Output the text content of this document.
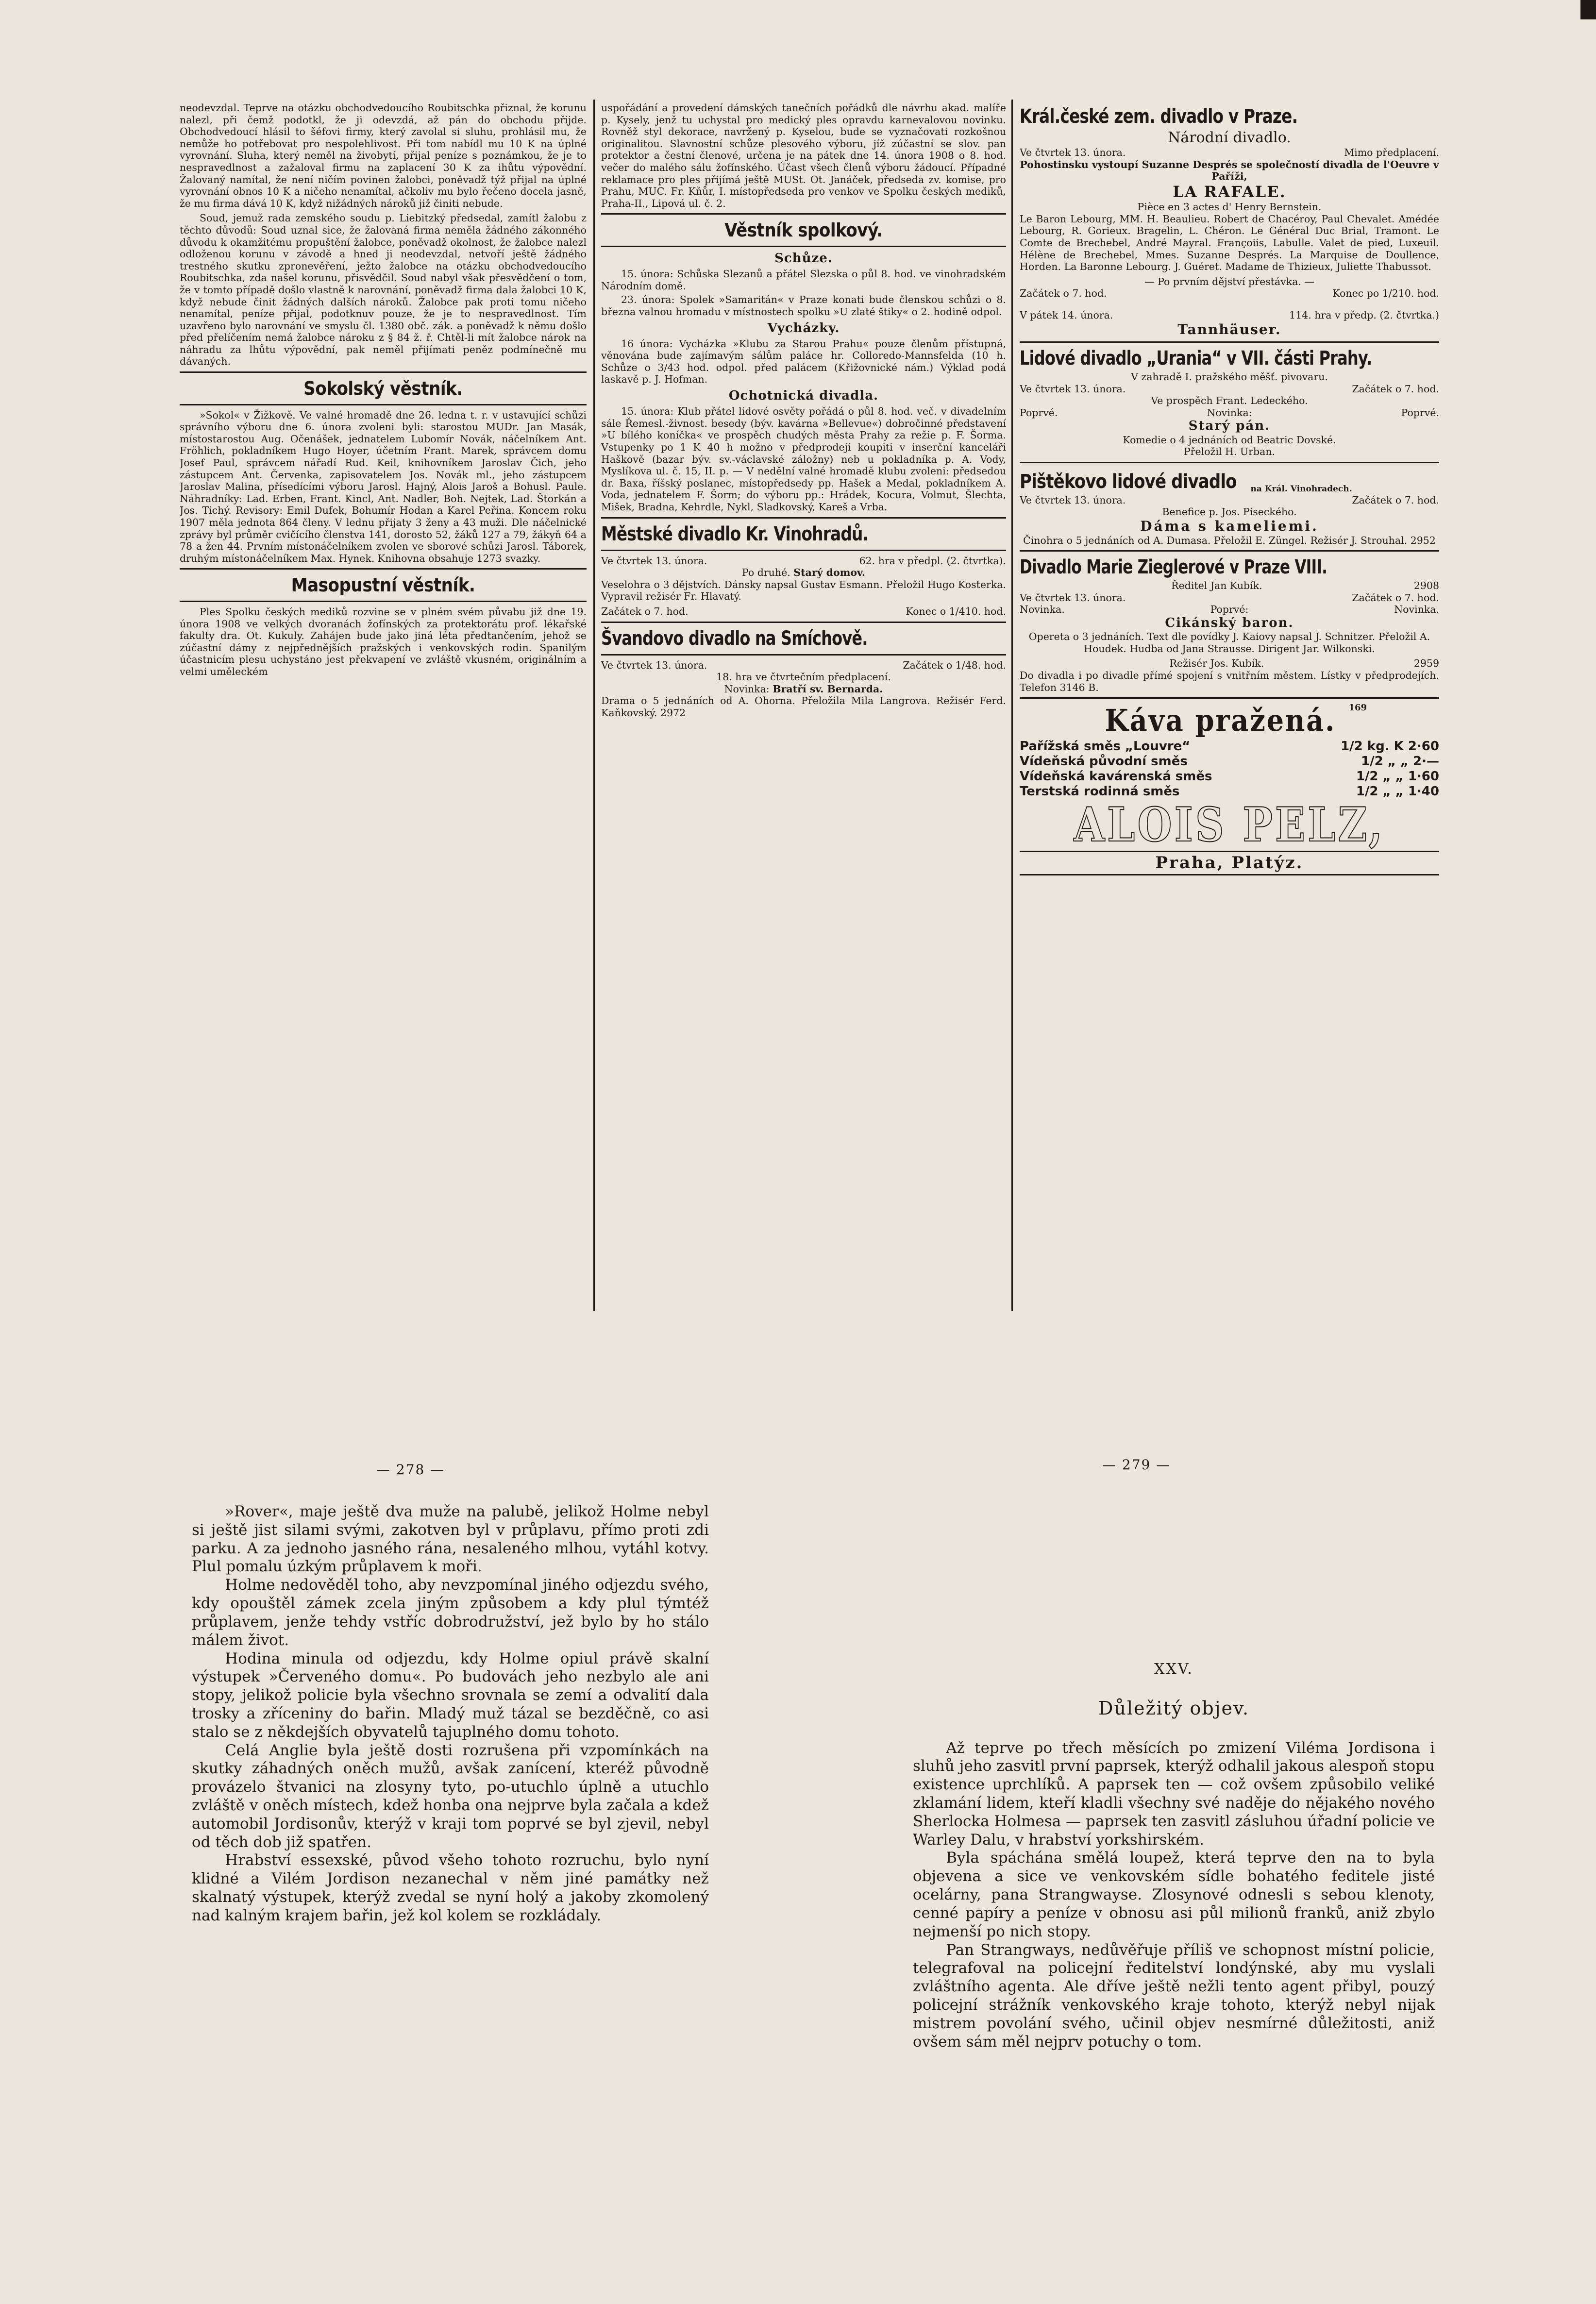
neodevzdal. Teprve na otázku obchodvedoucího Roubitschka přiznal, že korunu nalezl, při čemž podotkl, že ji odevzdá, až pán do obchodu přijde. Obchodvedoucí hlásil to šéfovi firmy, který zavolal si sluhu, prohlásil mu, že nemůže ho potřebovat pro nespolehlivost. Při tom nabídl mu 10 K na úplné vyrovnání. Sluha, který neměl na živobytí, přijal peníze s poznámkou, že je to nespravedlnost a zažaloval firmu na zaplacení 30 K za ihůtu výpovědní. Žalovaný namítal, že není ničím povinen žalobci, poněvadž týž přijal na úplné vyrovnání obnos 10 K a ničeho nenamítal, ačkoliv mu bylo řečeno docela jasně, že mu firma dává 10 K, když nižádných nároků již činiti nebude.

Soud, jemuž rada zemského soudu p. Liebitzký předsedal, zamítl žalobu z těchto důvodů: Soud uznal sice, že žalovaná firma neměla žádného zákonného důvodu k okamžitému propuštění žalobce, poněvadž okolnost, že žalobce nalezl odloženou korunu v závodě a hned ji neodevzdal, netvoří ještě žádného trestného skutku zpronevěření, ježto žalobce na otázku obchodvedoucího Roubitschka, zda našel korunu, přisvědčil. Soud nabyl však přesvědčení o tom, že v tomto případě došlo vlastně k narovnání, poněvadž firma dala žalobci 10 K, když nebude činit žádných dalších nároků. Žalobce pak proti tomu ničeho nenamítal, peníze přijal, podotknuv pouze, že je to nespravedlnost. Tím uzavřeno bylo narovnání ve smyslu čl. 1380 obč. zák. a poněvadž k němu došlo před přelíčením nemá žalobce nároku z § 84 ž. ř. Chtěl-li mít žalobce nárok na náhradu za lhůtu výpovědní, pak neměl přijímati peněz podmínečně mu dávaných.

Sokolský věstník.

»Sokol« v Žižkově. Ve valné hromadě dne 26. ledna t. r. v ustavující schůzi správního výboru dne 6. února zvoleni byli: starostou MUDr. Jan Masák, místostarostou Aug. Očenášek, jednatelem Lubomír Novák, náčelníkem Ant. Fröhlich, pokladníkem Hugo Hoyer, účetním Frant. Marek, správcem domu Josef Paul, správcem nářadí Rud. Keil, knihovníkem Jaroslav Čich, jeho zástupcem Ant. Červenka, zapisovatelem Jos. Novák ml., jeho zástupcem Jaroslav Malina, přísedícími výboru Jarosl. Hajný, Alois Jaroš a Bohusl. Paule. Náhradníky: Lad. Erben, Frant. Kincl, Ant. Nadler, Boh. Nejtek, Lad. Štorkán a Jos. Tichý. Revisory: Emil Dufek, Bohumír Hodan a Karel Peřina. Koncem roku 1907 měla jednota 864 členy. V lednu přijaty 3 ženy a 43 muži. Dle náčelnické zprávy byl průměr cvičícího členstva 141, dorosto 52, žáků 127 a 79, žákyň 64 a 78 a žen 44. Prvním místonáčelníkem zvolen ve sborové schůzi Jarosl. Táborek, druhým místonáčelníkem Max. Hynek. Knihovna obsahuje 1273 svazky.

Masopustní věstník.

Ples Spolku českých mediků rozvine se v plném svém půvabu již dne 19. února 1908 ve velkých dvoranách žofínských za protektorátu prof. lékařské fakulty dra. Ot. Kukuly. Zahájen bude jako jiná léta předtančením, jehož se zúčastní dámy z nejpřednějších pražských i venkovských rodin. Spanilým účastnicím plesu uchystáno jest překvapení ve zvláště vkusném, originálním a velmi uměleckém

uspořádání a provedení dámských tanečních pořádků dle návrhu akad. malíře p. Kysely, jenž tu uchystal pro medický ples opravdu karnevalovou novinku. Rovněž styl dekorace, navržený p. Kyselou, bude se vyznačovati rozkošnou originalitou. Slavnostní schůze plesového výboru, jíž zúčastní se slov. pan protektor a čestní členové, určena je na pátek dne 14. února 1908 o 8. hod. večer do malého sálu žofínského. Účast všech členů výboru žádoucí. Případné reklamace pro ples přijímá ještě MUSt. Ot. Janáček, předseda zv. komise, pro Prahu, MUC. Fr. Kňůr, I. místopředseda pro venkov ve Spolku českých mediků, Praha-II., Lipová ul. č. 2.

Věstník spolkový.
Schůze.

15. února: Schůska Slezanů a přátel Slezska o půl 8. hod. ve vinohradském Národním domě.

23. února: Spolek »Samaritán« v Praze konati bude členskou schůzi o 8. března valnou hromadu v místnostech spolku »U zlaté štiky« o 2. hodině odpol.

Vycházky.

16 února: Vycházka »Klubu za Starou Prahu« pouze členům přístupná, věnována bude zajímavým sálům paláce hr. Colloredo-Mannsfelda (10 h. Schůze o 3/43 hod. odpol. před palácem (Křižovnické nám.) Výklad podá laskavě p. J. Hofman.

Ochotnická divadla.

15. února: Klub přátel lidové osvěty pořádá o půl 8. hod. več. v divadelním sále Řemesl.-živnost. besedy (býv. kavárna »Bellevue«) dobročinné představení »U bílého koníčka« ve prospěch chudých města Prahy za režie p. F. Šorma. Vstupenky po 1 K 40 h možno v předprodeji koupiti v inserční kanceláři Haškově (bazar býv. sv.-václavské záložny) neb u pokladníka p. A. Vody, Myslíkova ul. č. 15, II. p. — V nedělní valné hromadě klubu zvoleni: předsedou dr. Baxa, říšský poslanec, místopředsedy pp. Hašek a Medal, pokladníkem A. Voda, jednatelem F. Šorm; do výboru pp.: Hrádek, Kocura, Volmut, Šlechta, Mišek, Bradna, Kehrdle, Nykl, Sladkovský, Kareš a Vrba.

Městské divadlo Kr. Vinohradů.
Ve čtvrtek 13. února.	62. hra v předpl. (2. čtvrtka).
Po druhé. Starý domov.

Veselohra o 3 dějstvích. Dánsky napsal Gustav Esmann. Přeložil Hugo Kosterka. Vypravil režisér Fr. Hlavatý.

Začátek o 7. hod.	Konec o 1/410. hod.
Švandovo divadlo na Smíchově.
Ve čtvrtek 13. února.	Začátek o 1/48. hod.
18. hra ve čtvrtečním předplacení.
Novinka: Bratří sv. Bernarda.

Drama o 5 jednáních od A. Ohorna. Přeložila Mila Langrova. Režisér Ferd. Kaňkovský. 2972

Král.české zem. divadlo v Praze.
Národní divadlo.
Ve čtvrtek 13. února.	Mimo předplacení.
Pohostinsku vystoupí Suzanne Després se společností divadla de l'Oeuvre v Paříži,
LA RAFALE.
Pièce en 3 actes d' Henry Bernstein.

Le Baron Lebourg, MM. H. Beaulieu. Robert de Chacéroy, Paul Chevalet. Amédée Lebourg, R. Gorieux. Bragelin, L. Chéron. Le Général Duc Brial, Tramont. Le Comte de Brechebel, André Mayral. Françoiis, Labulle. Valet de pied, Luxeuil. Hélène de Brechebel, Mmes. Suzanne Després. La Marquise de Doullence, Horden. La Baronne Lebourg. J. Guéret. Madame de Thizieux, Juliette Thabussot.

— Po prvním dějství přestávka. —
Začátek o 7. hod.	Konec po 1/210. hod.
V pátek 14. února.	114. hra v předp. (2. čtvrtka.)
Tannhäuser.
Lidové divadlo „Urania“ v VII. části Prahy.
V zahradě I. pražského měšť. pivovaru.
Ve čtvrtek 13. února.	Začátek o 7. hod.
Ve prospěch Frant. Ledeckého.
Poprvé.	Novinka:	Poprvé.
Starý pán.
Komedie o 4 jednáních od Beatric Dovské.
Přeložil H. Urban.
Pištěkovo lidové divadlo na Král. Vinohradech.
Ve čtvrtek 13. února.	Začátek o 7. hod.
Benefice p. Jos. Piseckého.
Dáma s kameliemi.

Činohra o 5 jednáních od A. Dumasa. Přeložil E. Züngel. Režisér J. Strouhal. 2952

Divadlo Marie Zieglerové v Praze VIII.
Ředitel Jan Kubík.	2908
Ve čtvrtek 13. února.	Začátek o 7. hod.
Novinka.	Poprvé:	Novinka.
Cikánský baron.

Opereta o 3 jednáních. Text dle povídky J. Kaiovy napsal J. Schnitzer. Přeložil A. Houdek. Hudba od Jana Straussе. Dirigent Jar. Wilkonski.

Režisér Jos. Kubík.	2959

Do divadla i po divadle přímé spojení s vnitřním městem. Lístky v předprodejích. Telefon 3146 B.

Káva pražená. 169
Pařížská směs „Louvre“	1/2 kg. K 2·60
Vídeňská původní směs	1/2 „ „ 2·—
Vídeňská kavárenská směs	1/2 „ „ 1·60
Terstská rodinná směs	1/2 „ „ 1·40
ALOIS PELZ,
Praha, Platýz.
— 278 —	— 279 —

»Rover«, maje ještě dva muže na palubě, jelikož Holme nebyl si ještě jist silami svými, zakotven byl v průplavu, přímo proti zdi parku. A za jednoho jasného rána, nesaleného mlhou, vytáhl kotvy. Plul pomalu úzkým průplavem k moři.

Holme nedověděl toho, aby nevzpomínal jiného odjezdu svého, kdy opouštěl zámek zcela jiným způsobem a kdy plul týmtéž průplavem, jenže tehdy vstříc dobrodružství, jež bylo by ho stálo málem život.

Hodina minula od odjezdu, kdy Holme opiul právě skalní výstupek »Červeného domu«. Po budovách jeho nezbylo ale ani stopy, jelikož policie byla všechno srovnala se zemí a odvalití dala trosky a zříceniny do bařin. Mladý muž tázal se bezděčně, co asi stalo se z někdejších obyvatelů tajuplného domu tohoto.

Celá Anglie byla ještě dosti rozrušena při vzpomínkách na skutky záhadných oněch mužů, avšak zanícení, kteréž původně provázelo štvanici na zlosyny tyto, po-utuchlo úplně a utuchlo zvláště v oněch místech, kdež honba ona nejprve byla začala a kdež automobil Jordisonův, kterýž v kraji tom poprvé se byl zjevil, nebyl od těch dob již spatřen.

Hrabství essexské, původ všeho tohoto rozruchu, bylo nyní klidné a Vilém Jordison nezanechal v něm jiné památky než skalnatý výstupek, kterýž zvedal se nyní holý a jakoby zkomolený nad kalným krajem bařin, jež kol kolem se rozkládaly.

XXV.
Důležitý objev.

Až teprve po třech měsících po zmizení Viléma Jordisona i sluhů jeho zasvitl první paprsek, kterýž odhalil jakous alespoň stopu existence uprchlíků. A paprsek ten — což ovšem způsobilo veliké zklamání lidem, kteří kladli všechny své naděje do nějakého nového Sherlocka Holmesa — paprsek ten zasvitl zásluhou úřadní policie ve Warley Dalu, v hrabství yorkshirském.

Byla spáchána smělá loupež, která teprve den na to byla objevena a sice ve venkovském sídle bohatého feditele jisté ocelárny, pana Strangwayse. Zlosynové odnesli s sebou klenoty, cenné papíry a peníze v obnosu asi půl milionů franků, aniž zbylo nejmenší po nich stopy.

Pan Strangways, nedůvěřuje příliš ve schopnost místní policie, telegrafoval na policejní ředitelství londýnské, aby mu vyslali zvláštního agenta. Ale dříve ještě nežli tento agent přibyl, pouzý policejní strážník venkovského kraje tohoto, kterýž nebyl nijak mistrem povolání svého, učinil objev nesmírné důležitosti, aniž ovšem sám měl nejprv potuchy o tom.
